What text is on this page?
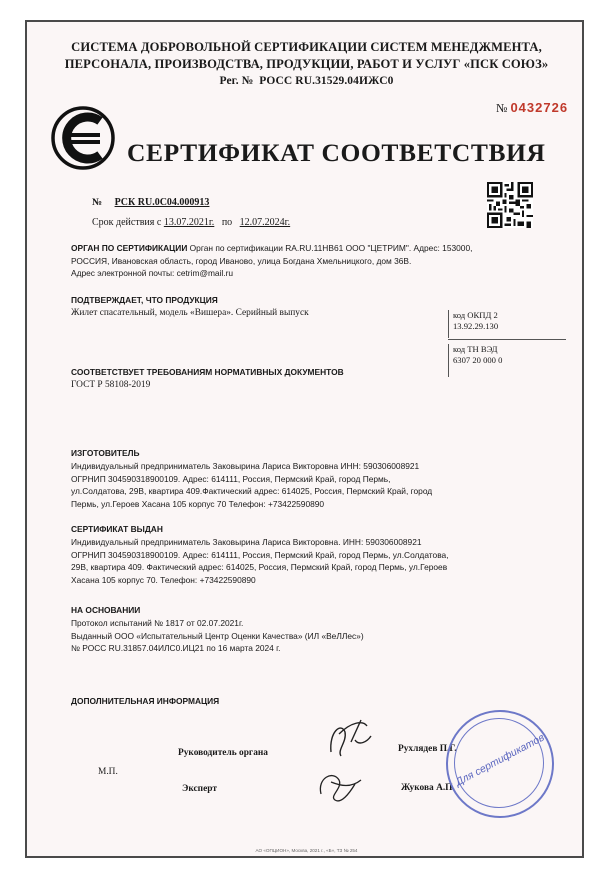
СИСТЕМА ДОБРОВОЛЬНОЙ СЕРТИФИКАЦИИ СИСТЕМ МЕНЕДЖМЕНТА,
ПЕРСОНАЛА, ПРОИЗВОДСТВА, ПРОДУКЦИИ, РАБОТ И УСЛУГ «ПСК СОЮЗ»
Рег. № РОСС RU.31529.04ИЖС0
№ 0432726
СЕРТИФИКАТ СООТВЕТСТВИЯ
№ РСК RU.0С04.000913
Срок действия с 13.07.2021г. по 12.07.2024г.
ОРГАН ПО СЕРТИФИКАЦИИ Орган по сертификации RA.RU.11НВ61 ООО "ЦЕТРИМ". Адрес: 153000,
РОССИЯ, Ивановская область, город Иваново, улица Богдана Хмельницкого, дом 36В.
Адрес электронной почты: cetrim@mail.ru
ПОДТВЕРЖДАЕТ, ЧТО ПРОДУКЦИЯ
Жилет спасательный, модель «Вишера». Серийный выпуск	код ОКПД 2
13.92.29.130
код ТН ВЭД
6307 20 000 0
СООТВЕТСТВУЕТ ТРЕБОВАНИЯМ НОРМАТИВНЫХ ДОКУМЕНТОВ
ГОСТ Р 58108-2019
ИЗГОТОВИТЕЛЬ
Индивидуальный предприниматель Заковырина Лариса Викторовна ИНН: 590306008921
ОГРНИП 304590318900109. Адрес: 614111, Россия, Пермский Край, город Пермь,
ул.Солдатова, 29В, квартира 409.Фактический адрес: 614025, Россия, Пермский Край, город
Пермь, ул.Героев Хасана 105 корпус 70 Телефон: +73422590890
СЕРТИФИКАТ ВЫДАН
Индивидуальный предприниматель Заковырина Лариса Викторовна. ИНН: 590306008921
ОГРНИП 304590318900109. Адрес: 614111, Россия, Пермский Край, город Пермь, ул.Солдатова,
29В, квартира 409. Фактический адрес: 614025, Россия, Пермский Край, город Пермь, ул.Героев
Хасана 105 корпус 70. Телефон: +73422590890
НА ОСНОВАНИИ
Протокол испытаний № 1817 от 02.07.2021г.
Выданный ООО «Испытательный Центр Оценки Качества» (ИЛ «ВеЛЛес»)
№ РОСС RU.31857.04ИЛС0.ИЦ21 по 16 марта 2024 г.
ДОПОЛНИТЕЛЬНАЯ ИНФОРМАЦИЯ
Руководитель органа	Рухлядев П.Г.
М.П.
Эксперт	Жукова А.П.
Для сертификатов
АО «ОПЦИОН», Москва, 2021 г., «Б», ТЗ № 254
